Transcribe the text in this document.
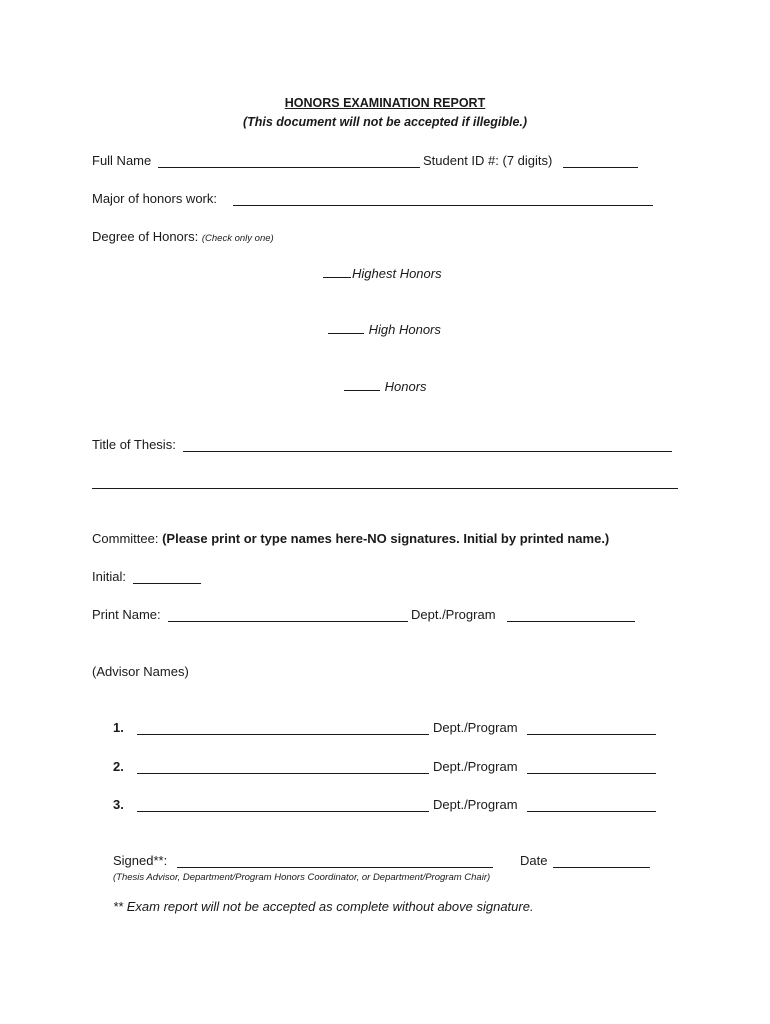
HONORS EXAMINATION REPORT
(This document will not be accepted if illegible.)
Full Name	Student ID #: (7 digits)
Major of honors work:
Degree of Honors: (Check only one)
Highest Honors
High Honors
Honors
Title of Thesis:
Committee: (Please print or type names here-NO signatures. Initial by printed name.)
Initial:
Print Name:	Dept./Program
(Advisor Names)
1.	Dept./Program
2.	Dept./Program
3.	Dept./Program
Signed**:	Date
(Thesis Advisor, Department/Program Honors Coordinator, or Department/Program Chair)
** Exam report will not be accepted as complete without above signature.
